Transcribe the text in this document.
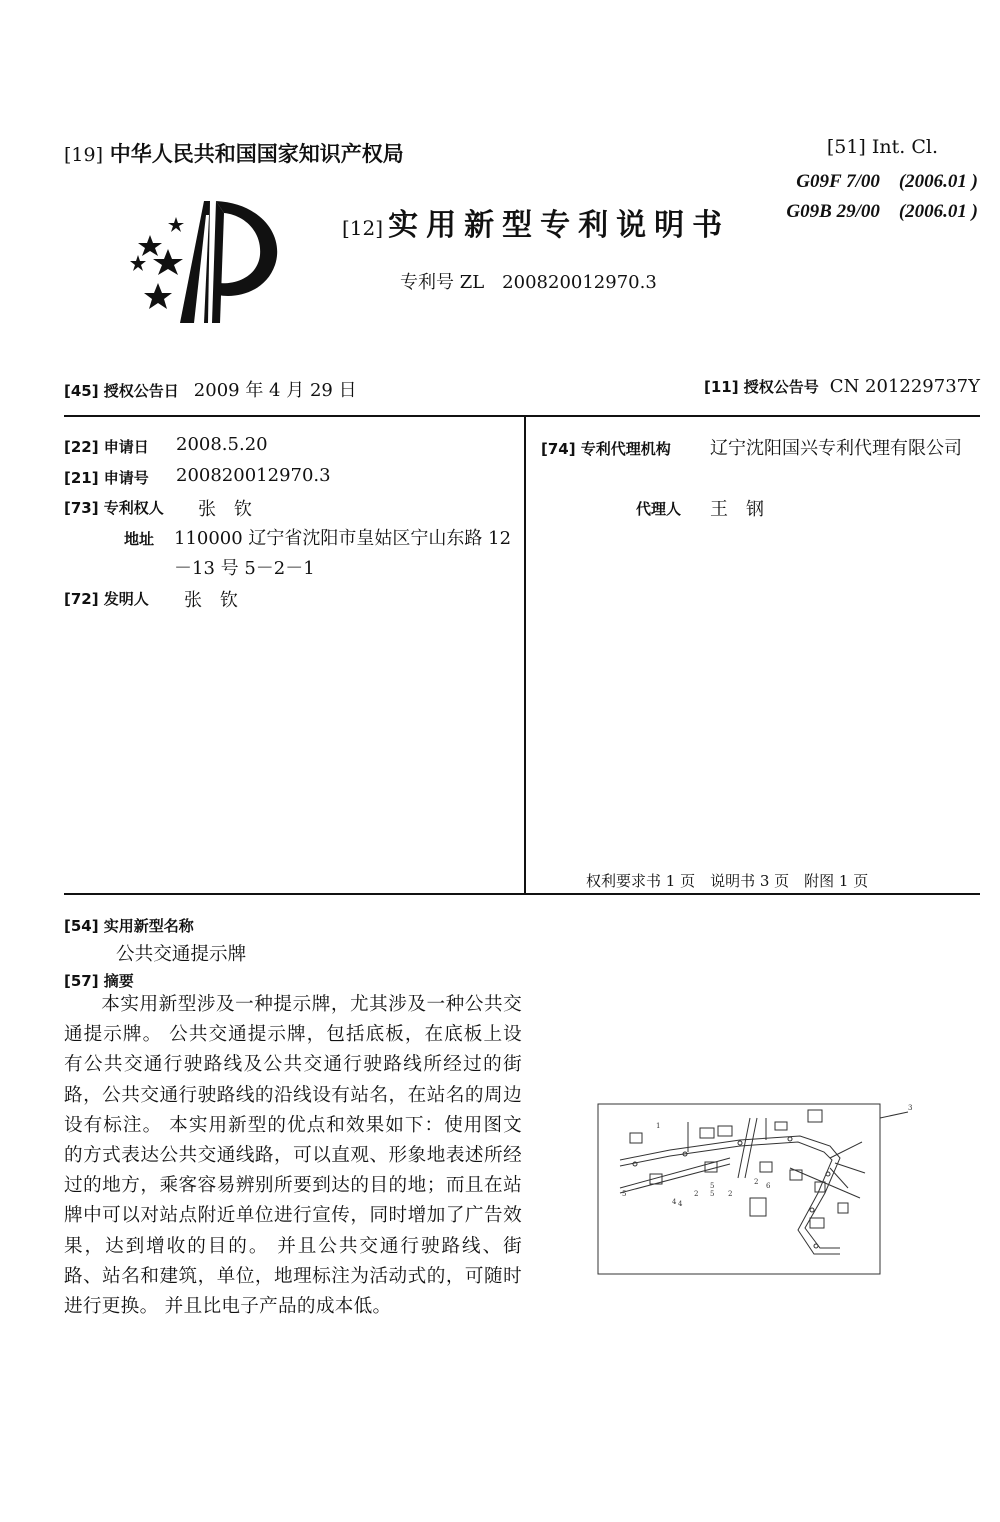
[19] 中华人民共和国国家知识产权局
[12] 实用新型专利说明书
专利号 ZL　200820012970.3
[51] Int. Cl.
G09F 7/00　(2006.01 )
G09B 29/00　(2006.01 )
[45] 授权公告日 2009 年 4 月 29 日	[11] 授权公告号 CN 201229737Y
[22] 申请日 2008.5.20
[21] 申请号 200820012970.3
[73] 专利权人 张　钦
地址 110000 辽宁省沈阳市皇姑区宁山东路 12－13 号 5－2－1
[72] 发明人 张　钦
[74] 专利代理机构 辽宁沈阳国兴专利代理有限公司
代理人 王　钢
权利要求书 1 页　说明书 3 页　附图 1 页
[54] 实用新型名称
公共交通提示牌
[57] 摘要
本实用新型涉及一种提示牌，尤其涉及一种公共交通提示牌。 公共交通提示牌，包括底板，在底板上设有公共交通行驶路线及公共交通行驶路线所经过的街路，公共交通行驶路线的沿线设有站名，在站名的周边设有标注。 本实用新型的优点和效果如下：使用图文的方式表达公共交通线路，可以直观、形象地表述所经过的地方，乘客容易辨别所要到达的目的地；而且在站牌中可以对站点附近单位进行宣传，同时增加了广告效果，达到增收的目的。 并且公共交通行驶路线、街路、站名和建筑，单位，地理标注为活动式的，可随时进行更换。 并且比电子产品的成本低。
1
2
3
4
5	2
5
2 6
5
4
